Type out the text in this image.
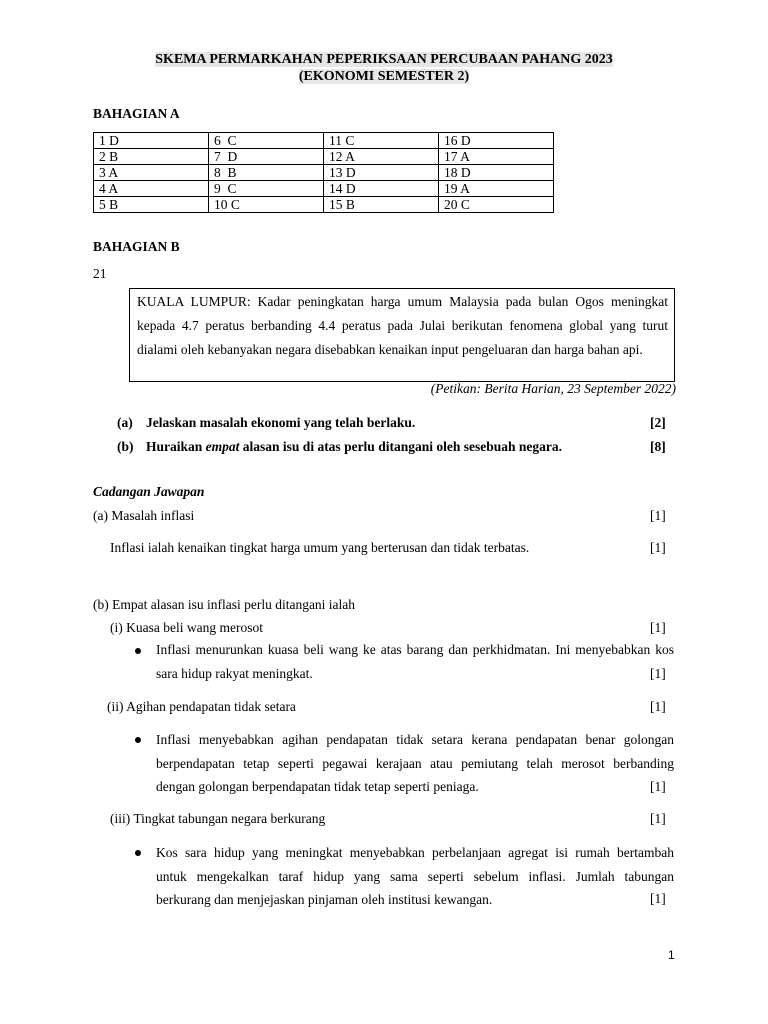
SKEMA PERMARKAHAN PEPERIKSAAN PERCUBAAN PAHANG 2023
(EKONOMI SEMESTER 2)
BAHAGIAN A
1 D	6  C	11 C	16 D
2 B	7  D	12 A	17 A
3 A	8  B	13 D	18 D
4 A	9  C	14 D	19 A
5 B	10 C	15 B	20 C
BAHAGIAN B
21
KUALA LUMPUR: Kadar peningkatan harga umum Malaysia pada bulan Ogos meningkat
kepada 4.7 peratus berbanding 4.4 peratus pada Julai berikutan fenomena global yang turut
dialami oleh kebanyakan negara disebabkan kenaikan input pengeluaran dan harga bahan api.
(Petikan: Berita Harian, 23 September 2022)
(a) Jelaskan masalah ekonomi yang telah berlaku.	[2]
(b) Huraikan empat alasan isu di atas perlu ditangani oleh sesebuah negara.	[8]
Cadangan Jawapan
(a) Masalah inflasi	[1]
Inflasi ialah kenaikan tingkat harga umum yang berterusan dan tidak terbatas.	[1]
(b) Empat alasan isu inflasi perlu ditangani ialah
(i) Kuasa beli wang merosot	[1]
Inflasi menurunkan kuasa beli wang ke atas barang dan perkhidmatan. Ini menyebabkan kos
sara hidup rakyat meningkat.	[1]
(ii) Agihan pendapatan tidak setara	[1]
Inflasi menyebabkan agihan pendapatan tidak setara kerana pendapatan benar golongan
berpendapatan tetap seperti pegawai kerajaan atau pemiutang telah merosot berbanding
dengan golongan berpendapatan tidak tetap seperti peniaga.	[1]
(iii) Tingkat tabungan negara berkurang	[1]
Kos sara hidup yang meningkat menyebabkan perbelanjaan agregat isi rumah bertambah
untuk mengekalkan taraf hidup yang sama seperti sebelum inflasi. Jumlah tabungan
berkurang dan menjejaskan pinjaman oleh institusi kewangan.	[1]
1
